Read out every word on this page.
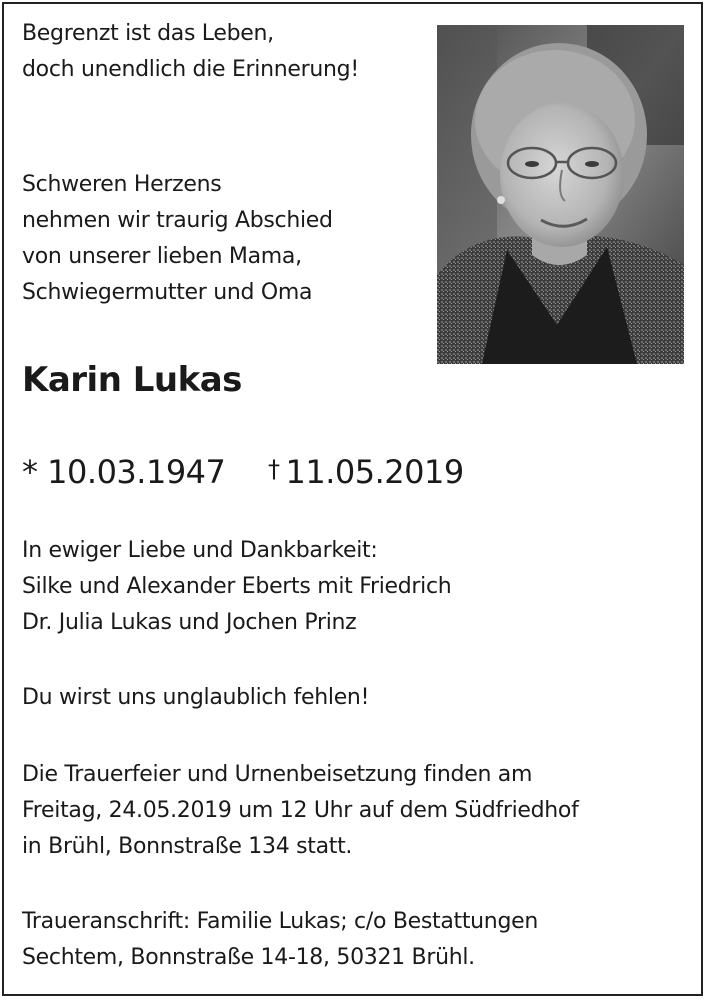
Begrenzt ist das Leben,
doch unendlich die Erinnerung!
Schweren Herzens
nehmen wir traurig Abschied
von unserer lieben Mama,
Schwiegermutter und Oma
Karin Lukas
* 10.03.1947 † 11.05.2019
In ewiger Liebe und Dankbarkeit:
Silke und Alexander Eberts mit Friedrich
Dr. Julia Lukas und Jochen Prinz
Du wirst uns unglaublich fehlen!
Die Trauerfeier und Urnenbeisetzung finden am
Freitag, 24.05.2019 um 12 Uhr auf dem Südfriedhof
in Brühl, Bonnstraße 134 statt.
Traueranschrift: Familie Lukas; c/o Bestattungen
Sechtem, Bonnstraße 14-18, 50321 Brühl.
